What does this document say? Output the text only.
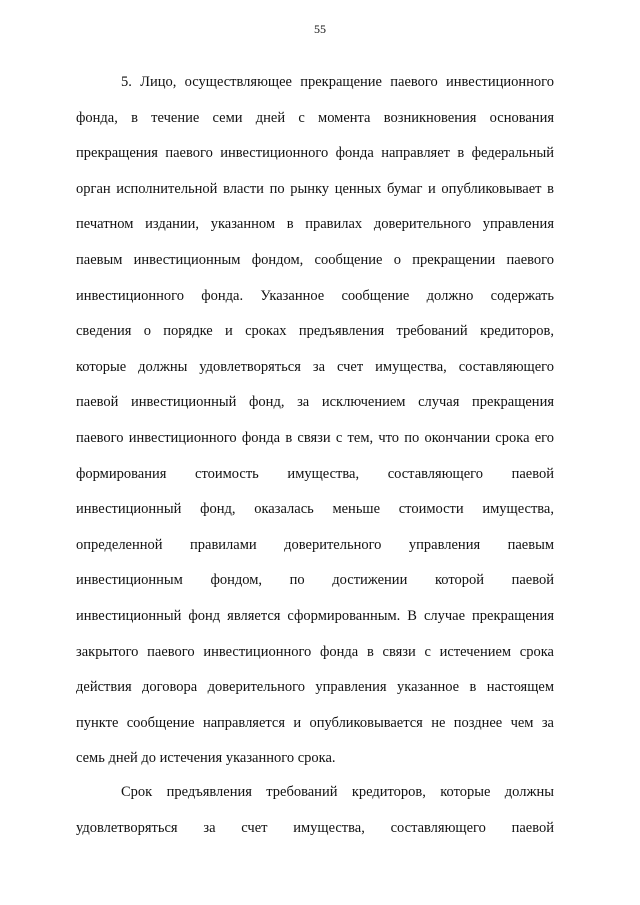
55
5. Лицо, осуществляющее прекращение паевого инвестиционного
фонда, в течение семи дней с момента возникновения основания
прекращения паевого инвестиционного фонда направляет в федеральный
орган исполнительной власти по рынку ценных бумаг и опубликовывает в
печатном издании, указанном в правилах доверительного управления
паевым инвестиционным фондом, сообщение о прекращении паевого
инвестиционного фонда. Указанное сообщение должно содержать
сведения о порядке и сроках предъявления требований кредиторов,
которые должны удовлетворяться за счет имущества, составляющего
паевой инвестиционный фонд, за исключением случая прекращения
паевого инвестиционного фонда в связи с тем, что по окончании срока его
формирования стоимость имущества, составляющего паевой
инвестиционный фонд, оказалась меньше стоимости имущества,
определенной правилами доверительного управления паевым
инвестиционным фондом, по достижении которой паевой
инвестиционный фонд является сформированным. В случае прекращения
закрытого паевого инвестиционного фонда в связи с истечением срока
действия договора доверительного управления указанное в настоящем
пункте сообщение направляется и опубликовывается не позднее чем за
семь дней до истечения указанного срока.
Срок предъявления требований кредиторов, которые должны
удовлетворяться за счет имущества, составляющего паевой
